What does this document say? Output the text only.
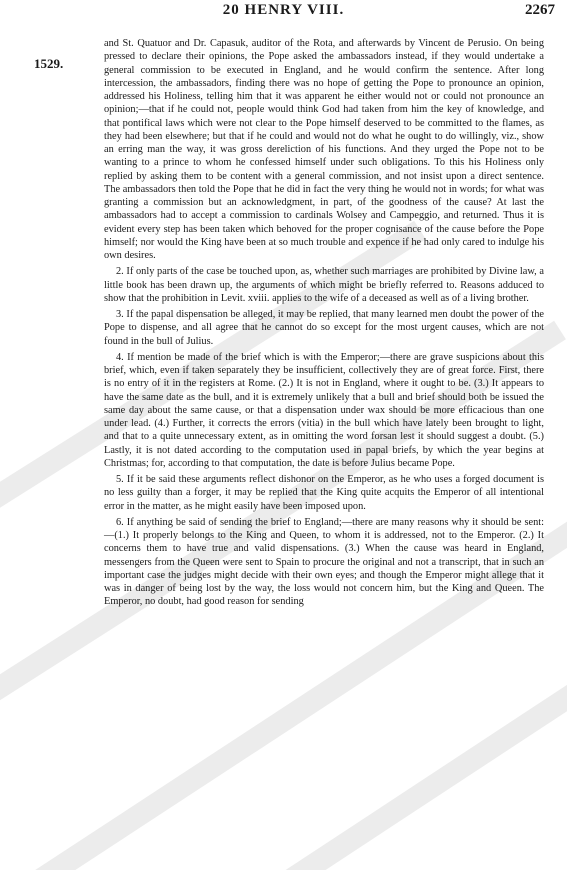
20 HENRY VIII.	2267
1529.

and St. Quatuor and Dr. Capasuk, auditor of the Rota, and afterwards by Vincent de Perusio. On being pressed to declare their opinions, the Pope asked the ambassadors instead, if they would undertake a general commission to be executed in England, and he would confirm the sentence. After long intercession, the ambassadors, finding there was no hope of getting the Pope to pronounce an opinion, addressed his Holiness, telling him that it was apparent he either would not or could not pronounce an opinion;—that if he could not, people would think God had taken from him the key of knowledge, and that pontifical laws which were not clear to the Pope himself deserved to be committed to the flames, as they had been elsewhere; but that if he could and would not do what he ought to do willingly, viz., show an erring man the way, it was gross dereliction of his functions. And they urged the Pope not to be wanting to a prince to whom he confessed himself under such obligations. To this his Holiness only replied by asking them to be content with a general commission, and not insist upon a direct sentence. The ambassadors then told the Pope that he did in fact the very thing he would not in words; for what was granting a commission but an acknowledgment, in part, of the goodness of the cause? At last the ambassadors had to accept a commission to cardinals Wolsey and Campeggio, and returned. Thus it is evident every step has been taken which behoved for the proper cognisance of the cause before the Pope himself; nor would the King have been at so much trouble and expence if he had only cared to indulge his own desires.

2. If only parts of the case be touched upon, as, whether such marriages are prohibited by Divine law, a little book has been drawn up, the arguments of which might be briefly referred to. Reasons adduced to show that the prohibition in Levit. xviii. applies to the wife of a deceased as well as of a living brother.

3. If the papal dispensation be alleged, it may be replied, that many learned men doubt the power of the Pope to dispense, and all agree that he cannot do so except for the most urgent causes, which are not found in the bull of Julius.

4. If mention be made of the brief which is with the Emperor;—there are grave suspicions about this brief, which, even if taken separately they be insufficient, collectively they are of great force. First, there is no entry of it in the registers at Rome. (2.) It is not in England, where it ought to be. (3.) It appears to have the same date as the bull, and it is extremely unlikely that a bull and brief should both be issued the same day about the same cause, or that a dispensation under wax should be more efficacious than one under lead. (4.) Further, it corrects the errors (vitia) in the bull which have lately been brought to light, and that to a quite unnecessary extent, as in omitting the word forsan lest it should suggest a doubt. (5.) Lastly, it is not dated according to the computation used in papal briefs, by which the year begins at Christmas; for, according to that computation, the date is before Julius became Pope.

5. If it be said these arguments reflect dishonor on the Emperor, as he who uses a forged document is no less guilty than a forger, it may be replied that the King quite acquits the Emperor of all intentional error in the matter, as he might easily have been imposed upon.

6. If anything be said of sending the brief to England;—there are many reasons why it should be sent:—(1.) It properly belongs to the King and Queen, to whom it is addressed, not to the Emperor. (2.) It concerns them to have true and valid dispensations. (3.) When the cause was heard in England, messengers from the Queen were sent to Spain to procure the original and not a transcript, that in such an important case the judges might decide with their own eyes; and though the Emperor might allege that it was in danger of being lost by the way, the loss would not concern him, but the King and Queen. The Emperor, no doubt, had good reason for sending
